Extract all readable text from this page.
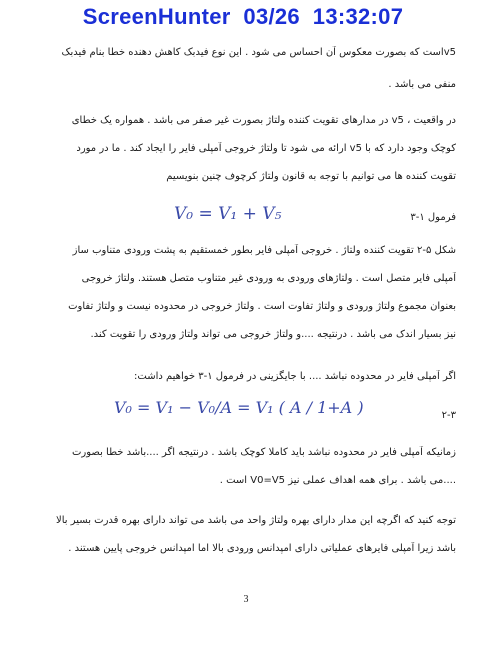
ScreenHunter  03/26  13:32:07
v5است که بصورت معکوس آن احساس می شود . این نوع فیدبک کاهش دهنده خطا بنام فیدبک
منفی می باشد .
در واقعیت ، v5 در مدارهای تقویت کننده ولتاژ بصورت غیر صفر می باشد . همواره یک خطای
کوچک وجود دارد که با v5 ارائه می شود تا ولتاژ خروجی آمپلی فایر را ایجاد کند . ما در مورد
تقویت کننده ها می توانیم با توجه به قانون ولتاژ کرچوف چنین بنویسیم
فرمول ۱-۳
V₀ = V₁ + V₅
شکل ۵-۲ تقویت کننده ولتاژ . خروجی آمپلی فایر بطور خمستقیم به پشت ورودی متناوب ساز
آمپلی فایر متصل است . ولتاژهای ورودی به ورودی غیر متناوب متصل هستند. ولتاژ خروجی
بعنوان مجموع ولتاژ ورودی و ولتاژ تفاوت است . ولتاژ خروجی در محدوده نیست و ولتاژ تفاوت
نیز بسیار اندک می باشد . درنتیجه ....و ولتاژ خروجی می تواند ولتاژ ورودی را تقویت کند.
اگر آمپلی فایر در محدوده نباشد .... با جایگزینی در فرمول ۱-۳ خواهیم داشت:
۲-۳
V₀ = V₁ − V₀/A = V₁ ( A / 1+A )
زمانیکه آمپلی فایر در محدوده نباشد باید کاملا کوچک باشد . درنتیجه اگر ....باشد خطا بصورت
....می باشد . برای همه اهداف عملی نیز V0=V5 است .
توجه کنید که اگرچه این مدار دارای بهره ولتاژ واحد می باشد می تواند دارای بهره قدرت بسیر بالا
باشد زیرا آمپلی فایرهای عملیاتی دارای امپدانس ورودی بالا اما امپدانس خروجی پایین هستند .
3
